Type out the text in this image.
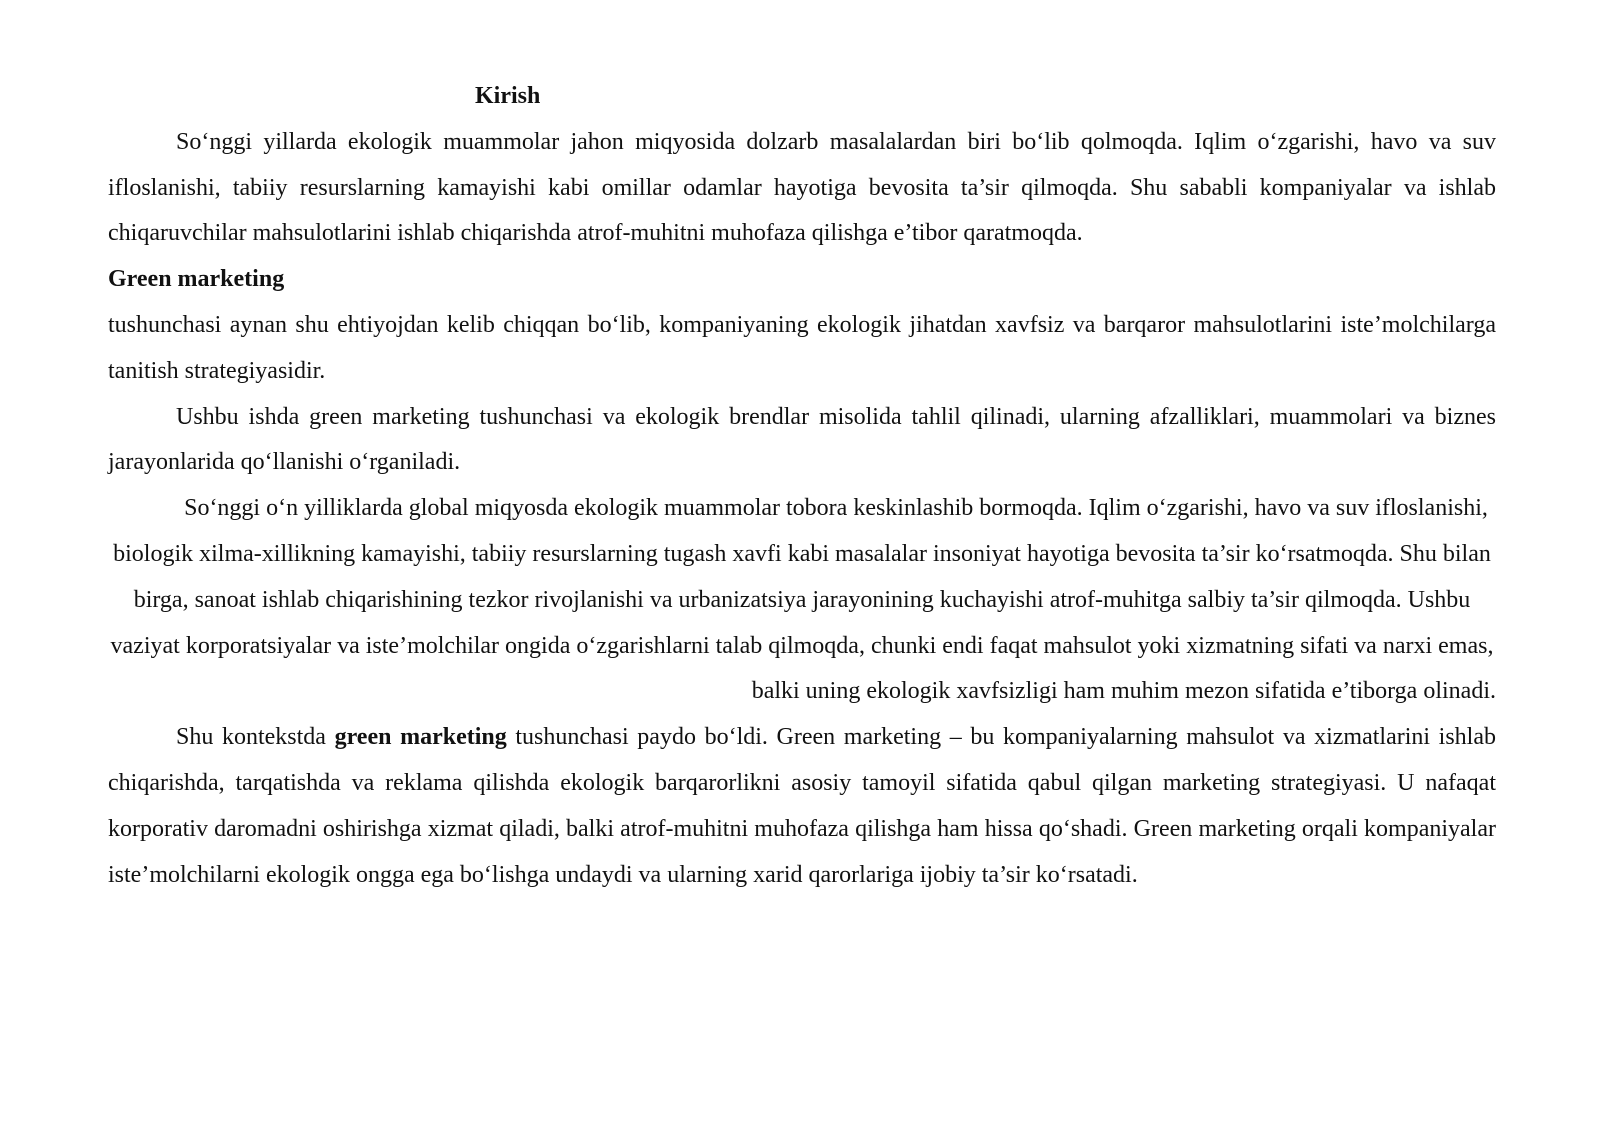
Kirish

So‘nggi yillarda ekologik muammolar jahon miqyosida dolzarb masalalardan biri bo‘lib qolmoqda. Iqlim o‘zgarishi, havo va suv ifloslanishi, tabiiy resurslarning kamayishi kabi omillar odamlar hayotiga bevosita ta’sir qilmoqda. Shu sababli kompaniyalar va ishlab chiqaruvchilar mahsulotlarini ishlab chiqarishda atrof-muhitni muhofaza qilishga e’tibor qaratmoqda.

Green marketing

tushunchasi aynan shu ehtiyojdan kelib chiqqan bo‘lib, kompaniyaning ekologik jihatdan xavfsiz va barqaror mahsulotlarini iste’molchilarga tanitish strategiyasidir.

Ushbu ishda green marketing tushunchasi va ekologik brendlar misolida tahlil qilinadi, ularning afzalliklari, muammolari va biznes jarayonlarida qo‘llanishi o‘rganiladi.

So‘nggi o‘n yilliklarda global miqyosda ekologik muammolar tobora keskinlashib bormoqda. Iqlim o‘zgarishi, havo va suv ifloslanishi, biologik xilma-xillikning kamayishi, tabiiy resurslarning tugash xavfi kabi masalalar insoniyat hayotiga bevosita ta’sir ko‘rsatmoqda. Shu bilan birga, sanoat ishlab chiqarishining tezkor rivojlanishi va urbanizatsiya jarayonining kuchayishi atrof-muhitga salbiy ta’sir qilmoqda. Ushbu vaziyat korporatsiyalar va iste’molchilar ongida o‘zgarishlarni talab qilmoqda, chunki endi faqat mahsulot yoki xizmatning sifati va narxi emas, balki uning ekologik xavfsizligi ham muhim mezon sifatida e’tiborga olinadi.

Shu kontekstda green marketing tushunchasi paydo bo‘ldi. Green marketing – bu kompaniyalarning mahsulot va xizmatlarini ishlab chiqarishda, tarqatishda va reklama qilishda ekologik barqarorlikni asosiy tamoyil sifatida qabul qilgan marketing strategiyasi. U nafaqat korporativ daromadni oshirishga xizmat qiladi, balki atrof-muhitni muhofaza qilishga ham hissa qo‘shadi. Green marketing orqali kompaniyalar iste’molchilarni ekologik ongga ega bo‘lishga undaydi va ularning xarid qarorlariga ijobiy ta’sir ko‘rsatadi.
